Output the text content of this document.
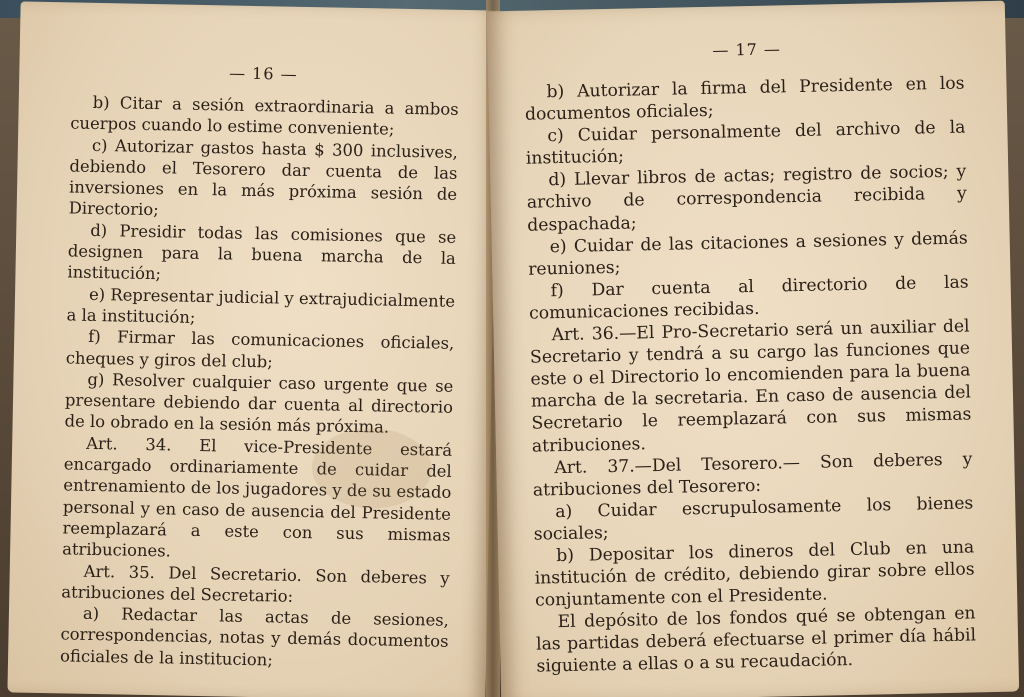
— 16 —

b) Citar a sesión extraordinaria a ambos cuerpos cuando lo estime conveniente;

c) Autorizar gastos hasta $ 300 inclusives, debiendo el Tesorero dar cuenta de las inversiones en la más próxima sesión de Directorio;

d) Presidir todas las comisiones que se designen para la buena marcha de la institución;

e) Representar judicial y extrajudicialmente a la institución;

f) Firmar las comunicaciones oficiales, cheques y giros del club;

g) Resolver cualquier caso urgente que se presentare debiendo dar cuenta al directorio de lo obrado en la sesión más próxima.

Art. 34. El vice-Presidente estará encargado ordinariamente de cuidar del entrenamiento de los jugadores y de su estado personal y en caso de ausencia del Presidente reemplazará a este con sus mismas atribuciones.

Art. 35. Del Secretario. Son deberes y atribuciones del Secretario:

a) Redactar las actas de sesiones, correspondencias, notas y demás documentos oficiales de la institucion;

— 17 —

b) Autorizar la firma del Presidente en los documentos oficiales;

c) Cuidar personalmente del archivo de la institución;

d) Llevar libros de actas; registro de socios; y archivo de correspondencia recibida y despachada;

e) Cuidar de las citaciones a sesiones y demás reuniones;

f) Dar cuenta al directorio de las comunicaciones recibidas.

Art. 36.—El Pro-Secretario será un auxiliar del Secretario y tendrá a su cargo las funciones que este o el Directorio lo encomienden para la buena marcha de la secretaria. En caso de ausencia del Secretario le reemplazará con sus mismas atribuciones.

Art. 37.—Del Tesorero.— Son deberes y atribuciones del Tesorero:

a) Cuidar escrupulosamente los bienes sociales;

b) Depositar los dineros del Club en una institución de crédito, debiendo girar sobre ellos conjuntamente con el Presidente.

El depósito de los fondos qué se obtengan en las partidas deberá efectuarse el primer día hábil siguiente a ellas o a su recaudación.
